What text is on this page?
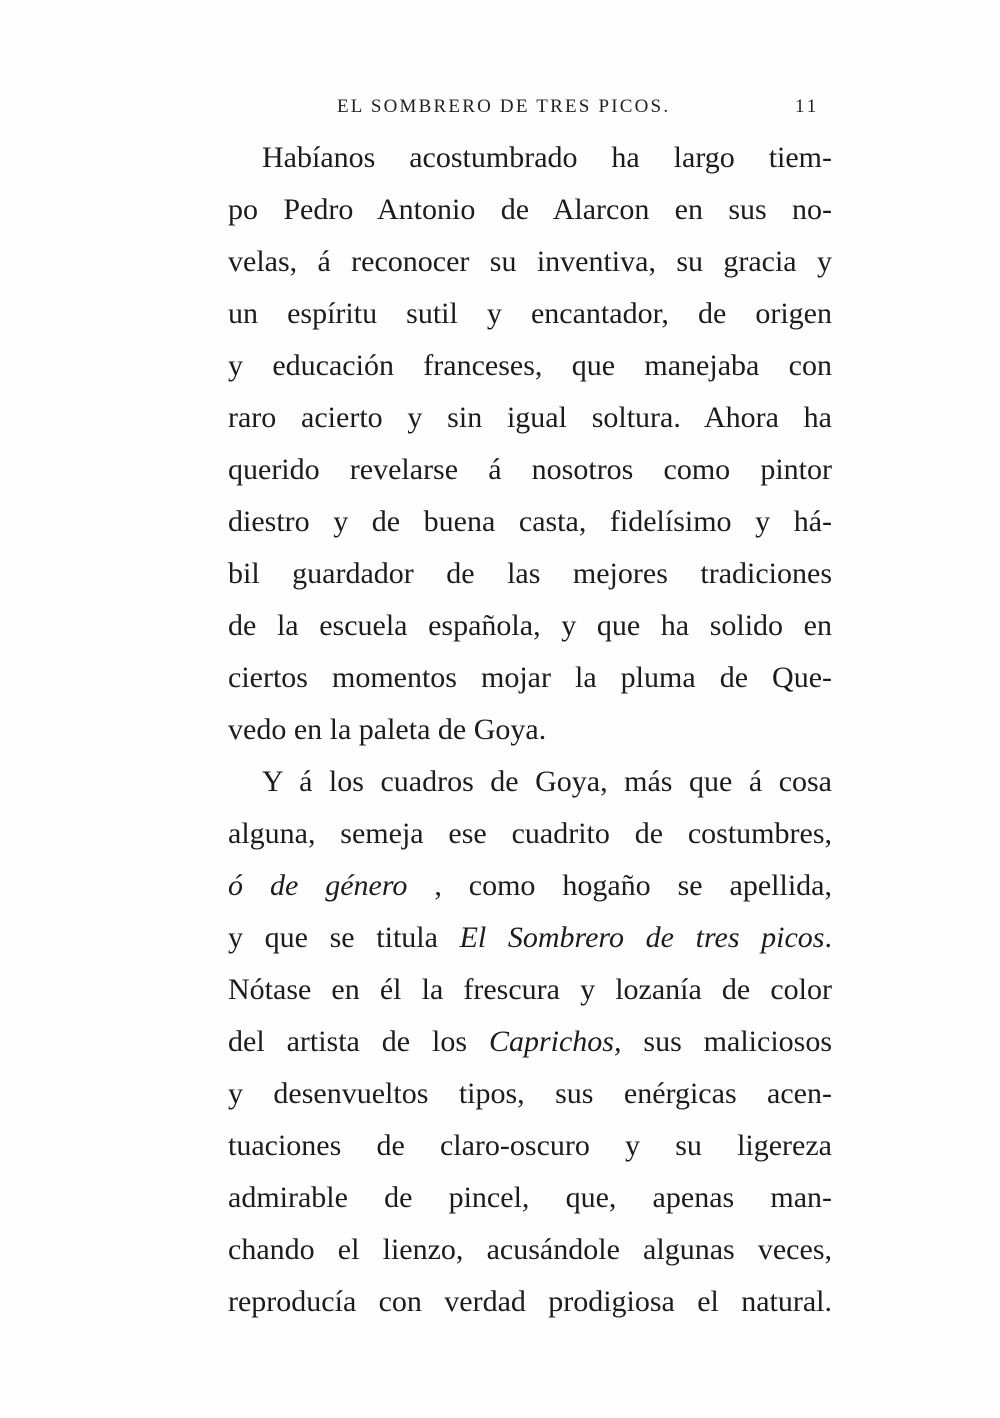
EL SOMBRERO DE TRES PICOS.	11
Habíanos acostumbrado ha largo tiem-
po Pedro Antonio de Alarcon en sus no-
velas, á reconocer su inventiva, su gracia y
un espíritu sutil y encantador, de origen
y educación franceses, que manejaba con
raro acierto y sin igual soltura. Ahora ha
querido revelarse á nosotros como pintor
diestro y de buena casta, fidelísimo y há-
bil guardador de las mejores tradiciones
de la escuela española, y que ha solido en
ciertos momentos mojar la pluma de Que-
vedo en la paleta de Goya.
Y á los cuadros de Goya, más que á cosa
alguna, semeja ese cuadrito de costumbres,
ó de género , como hogaño se apellida,
y que se titula El Sombrero de tres picos.
Nótase en él la frescura y lozanía de color
del artista de los Caprichos, sus maliciosos
y desenvueltos tipos, sus enérgicas acen-
tuaciones de claro-oscuro y su ligereza
admirable de pincel, que, apenas man-
chando el lienzo, acusándole algunas veces,
reproducía con verdad prodigiosa el natural.
